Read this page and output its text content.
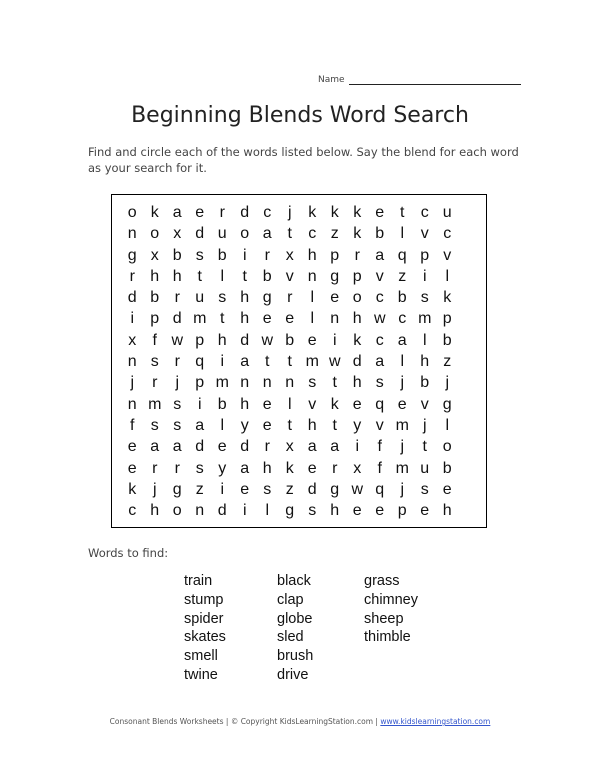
Name
Beginning Blends Word Search

Find and circle each of the words listed below. Say the blend for each word as your search for it.

o k a e r d c	j	k k k e t	c u
n o x d u o a t	c z k b	l	v c
g x b s b	i	r x h p r a q p v
r h h t	l	t b v n g p v z	i	l
d b r u s h g r	l	e o c b s k
i	p d m t h e e	l	n h w c m p
x	f w p h d w b e	i	k c a	l	b
n s r q	i	a t	t m w d a	l	h z
j	r	j	p m n n n s	t h s	j	b	j
n m s	i	b h e	l	v k e q e v g
f	s s a	l	y e t h t	y v m j	l
e a a d e d r x a a	i	f	j	t o
e r	r s y a h k e r x	f m u b
k	j	g z	i	e s z d g w q	j	s e
c h o n d	i	l	g s h e e p e h
Words to find:
train
stump
spider
skates
smell
twine
black
clap
globe
sled
brush
drive
grass
chimney
sheep
thimble
Consonant Blends Worksheets | © Copyright KidsLearningStation.com | www.kidslearningstation.com
